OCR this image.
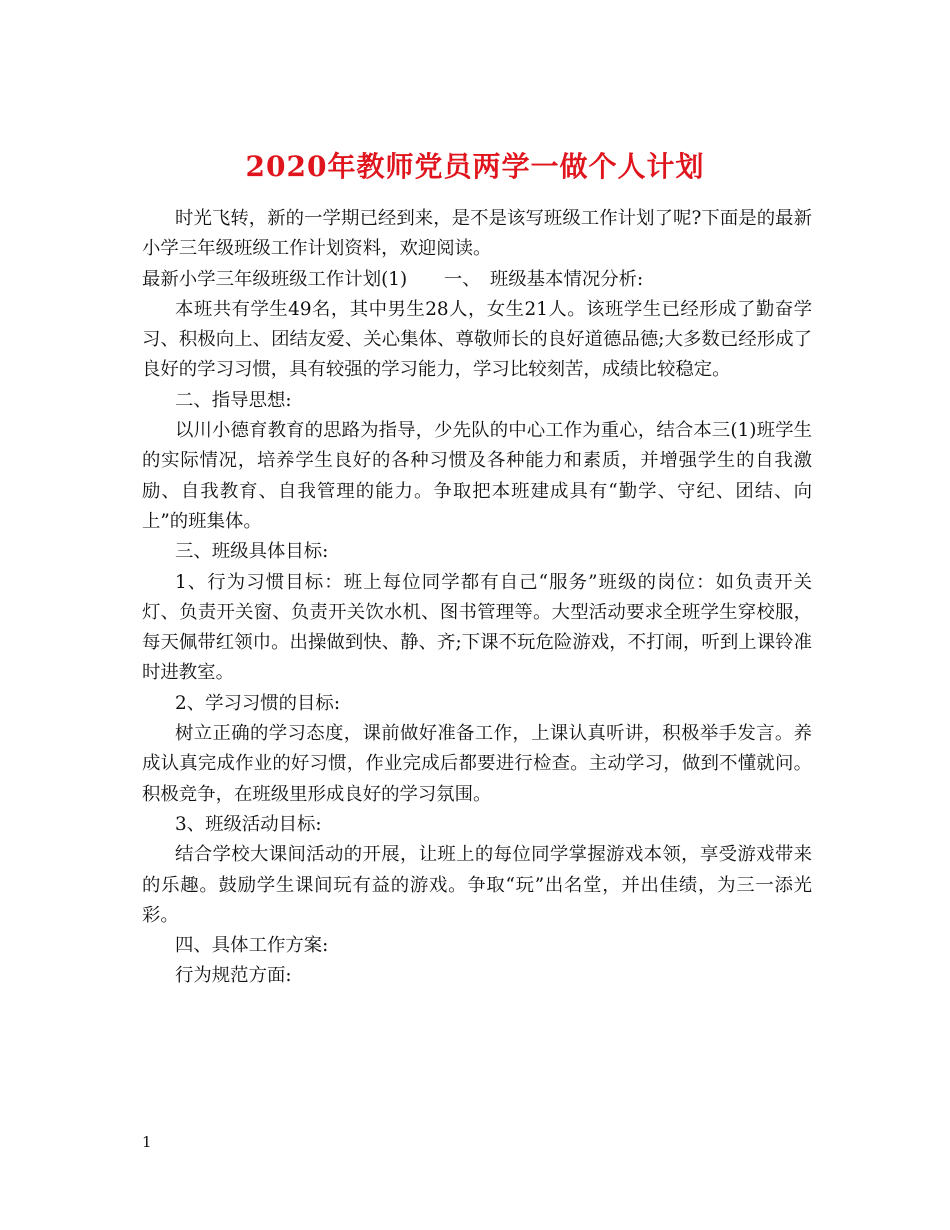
2020年教师党员两学一做个人计划

时光飞转，新的一学期已经到来，是不是该写班级工作计划了呢?下面是的最新小学三年级班级工作计划资料，欢迎阅读。

最新小学三年级班级工作计划(1)　　一、　班级基本情况分析:

本班共有学生49名，其中男生28人，女生21人。该班学生已经形成了勤奋学习、积极向上、团结友爱、关心集体、尊敬师长的良好道德品德;大多数已经形成了良好的学习习惯，具有较强的学习能力，学习比较刻苦，成绩比较稳定。

二、指导思想:

以川小德育教育的思路为指导，少先队的中心工作为重心，结合本三(1)班学生的实际情况，培养学生良好的各种习惯及各种能力和素质，并增强学生的自我激励、自我教育、自我管理的能力。争取把本班建成具有“勤学、守纪、团结、向上”的班集体。

三、班级具体目标:

1、行为习惯目标：班上每位同学都有自己“服务”班级的岗位：如负责开关灯、负责开关窗、负责开关饮水机、图书管理等。大型活动要求全班学生穿校服，每天佩带红领巾。出操做到快、静、齐;下课不玩危险游戏，不打闹，听到上课铃准时进教室。

2、学习习惯的目标:

树立正确的学习态度，课前做好准备工作，上课认真听讲，积极举手发言。养成认真完成作业的好习惯，作业完成后都要进行检查。主动学习，做到不懂就问。积极竞争，在班级里形成良好的学习氛围。

3、班级活动目标:

结合学校大课间活动的开展，让班上的每位同学掌握游戏本领，享受游戏带来的乐趣。鼓励学生课间玩有益的游戏。争取“玩”出名堂，并出佳绩，为三一添光彩。

四、具体工作方案:

行为规范方面:

1
